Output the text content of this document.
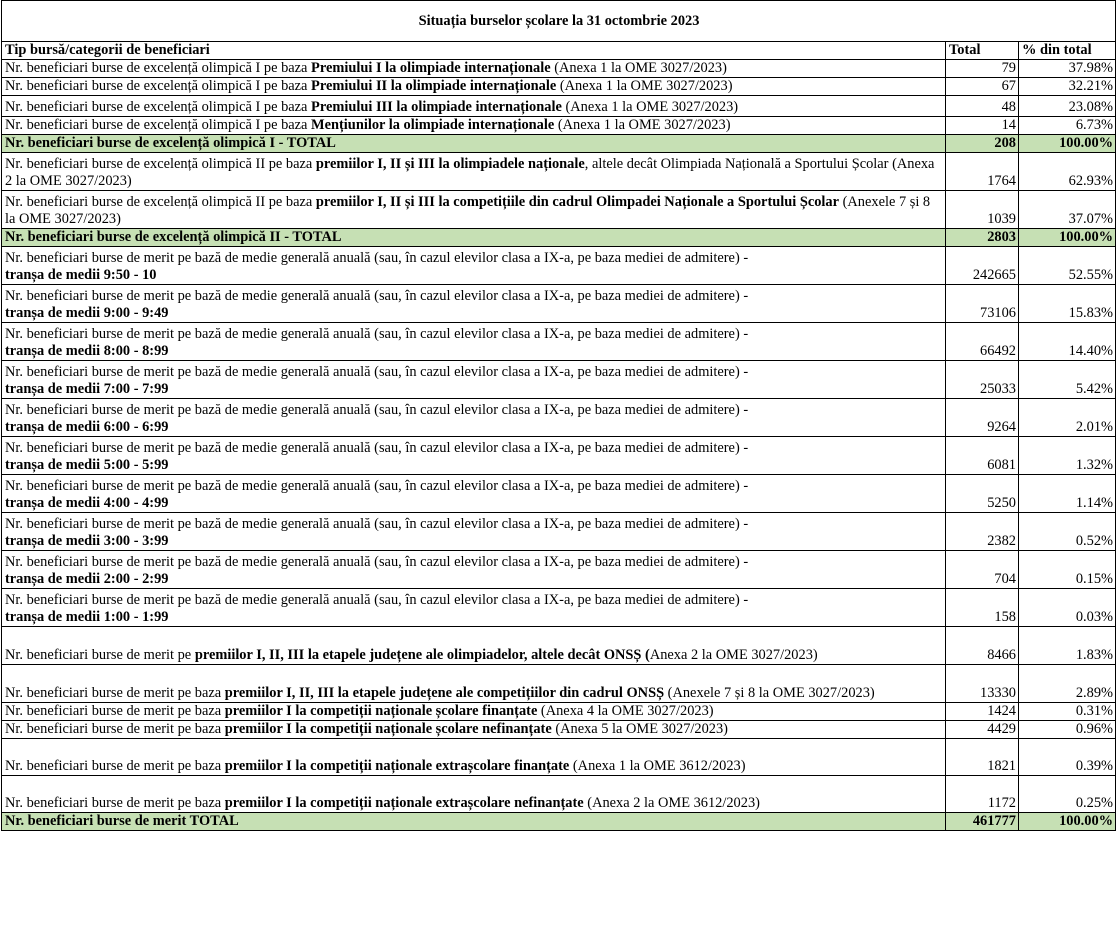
Situația burselor școlare la 31 octombrie 2023		
Tip bursă/categorii de beneficiari	Total	% din total
Nr. beneficiari burse de excelență olimpică I pe baza Premiului I la olimpiade internaționale (Anexa 1 la OME 3027/2023)	79	37.98%
Nr. beneficiari burse de excelență olimpică I pe baza Premiului II la olimpiade internaționale (Anexa 1 la OME 3027/2023)	67	32.21%
Nr. beneficiari burse de excelență olimpică I pe baza Premiului III la olimpiade internaționale (Anexa 1 la OME 3027/2023)	48	23.08%
Nr. beneficiari burse de excelență olimpică I pe baza Mențiunilor la olimpiade internaționale (Anexa 1 la OME 3027/2023)	14	6.73%
Nr. beneficiari burse de excelență olimpică I - TOTAL	208	100.00%
Nr. beneficiari burse de excelență olimpică II pe baza premiilor I, II și III la olimpiadele naționale, altele decât Olimpiada Națională a Sportului Școlar (Anexa 2 la OME 3027/2023)	1764	62.93%
Nr. beneficiari burse de excelență olimpică II pe baza premiilor I, II și III la competițiile din cadrul Olimpadei Naționale a Sportului Școlar (Anexele 7 și 8 la OME 3027/2023)	1039	37.07%
Nr. beneficiari burse de excelență olimpică II - TOTAL	2803	100.00%
Nr. beneficiari burse de merit pe bază de medie generală anuală (sau, în cazul elevilor clasa a IX-a, pe baza mediei de admitere) -
tranșa de medii 9:50 - 10	242665	52.55%
Nr. beneficiari burse de merit pe bază de medie generală anuală (sau, în cazul elevilor clasa a IX-a, pe baza mediei de admitere) -
tranșa de medii 9:00 - 9:49	73106	15.83%
Nr. beneficiari burse de merit pe bază de medie generală anuală (sau, în cazul elevilor clasa a IX-a, pe baza mediei de admitere) -
tranșa de medii 8:00 - 8:99	66492	14.40%
Nr. beneficiari burse de merit pe bază de medie generală anuală (sau, în cazul elevilor clasa a IX-a, pe baza mediei de admitere) -
tranșa de medii 7:00 - 7:99	25033	5.42%
Nr. beneficiari burse de merit pe bază de medie generală anuală (sau, în cazul elevilor clasa a IX-a, pe baza mediei de admitere) -
tranșa de medii 6:00 - 6:99	9264	2.01%
Nr. beneficiari burse de merit pe bază de medie generală anuală (sau, în cazul elevilor clasa a IX-a, pe baza mediei de admitere) -
tranșa de medii 5:00 - 5:99	6081	1.32%
Nr. beneficiari burse de merit pe bază de medie generală anuală (sau, în cazul elevilor clasa a IX-a, pe baza mediei de admitere) -
tranșa de medii 4:00 - 4:99	5250	1.14%
Nr. beneficiari burse de merit pe bază de medie generală anuală (sau, în cazul elevilor clasa a IX-a, pe baza mediei de admitere) -
tranșa de medii 3:00 - 3:99	2382	0.52%
Nr. beneficiari burse de merit pe bază de medie generală anuală (sau, în cazul elevilor clasa a IX-a, pe baza mediei de admitere) -
tranșa de medii 2:00 - 2:99	704	0.15%
Nr. beneficiari burse de merit pe bază de medie generală anuală (sau, în cazul elevilor clasa a IX-a, pe baza mediei de admitere) -
tranșa de medii 1:00 - 1:99	158	0.03%
Nr. beneficiari burse de merit pe premiilor I, II, III la etapele județene ale olimpiadelor, altele decât ONSȘ (Anexa 2 la OME 3027/2023)	8466	1.83%
Nr. beneficiari burse de merit pe baza premiilor I, II, III la etapele județene ale competițiilor din cadrul ONSȘ (Anexele 7 și 8 la OME 3027/2023)	13330	2.89%
Nr. beneficiari burse de merit pe baza premiilor I la competiții naționale școlare finanțate (Anexa 4 la OME 3027/2023)	1424	0.31%
Nr. beneficiari burse de merit pe baza premiilor I la competiții naționale școlare nefinanțate (Anexa 5 la OME 3027/2023)	4429	0.96%
Nr. beneficiari burse de merit pe baza premiilor I la competiții naționale extrașcolare finanțate (Anexa 1 la OME 3612/2023)	1821	0.39%
Nr. beneficiari burse de merit pe baza premiilor I la competiții naționale extrașcolare nefinanțate (Anexa 2 la OME 3612/2023)	1172	0.25%
Nr. beneficiari burse de merit TOTAL	461777	100.00%
